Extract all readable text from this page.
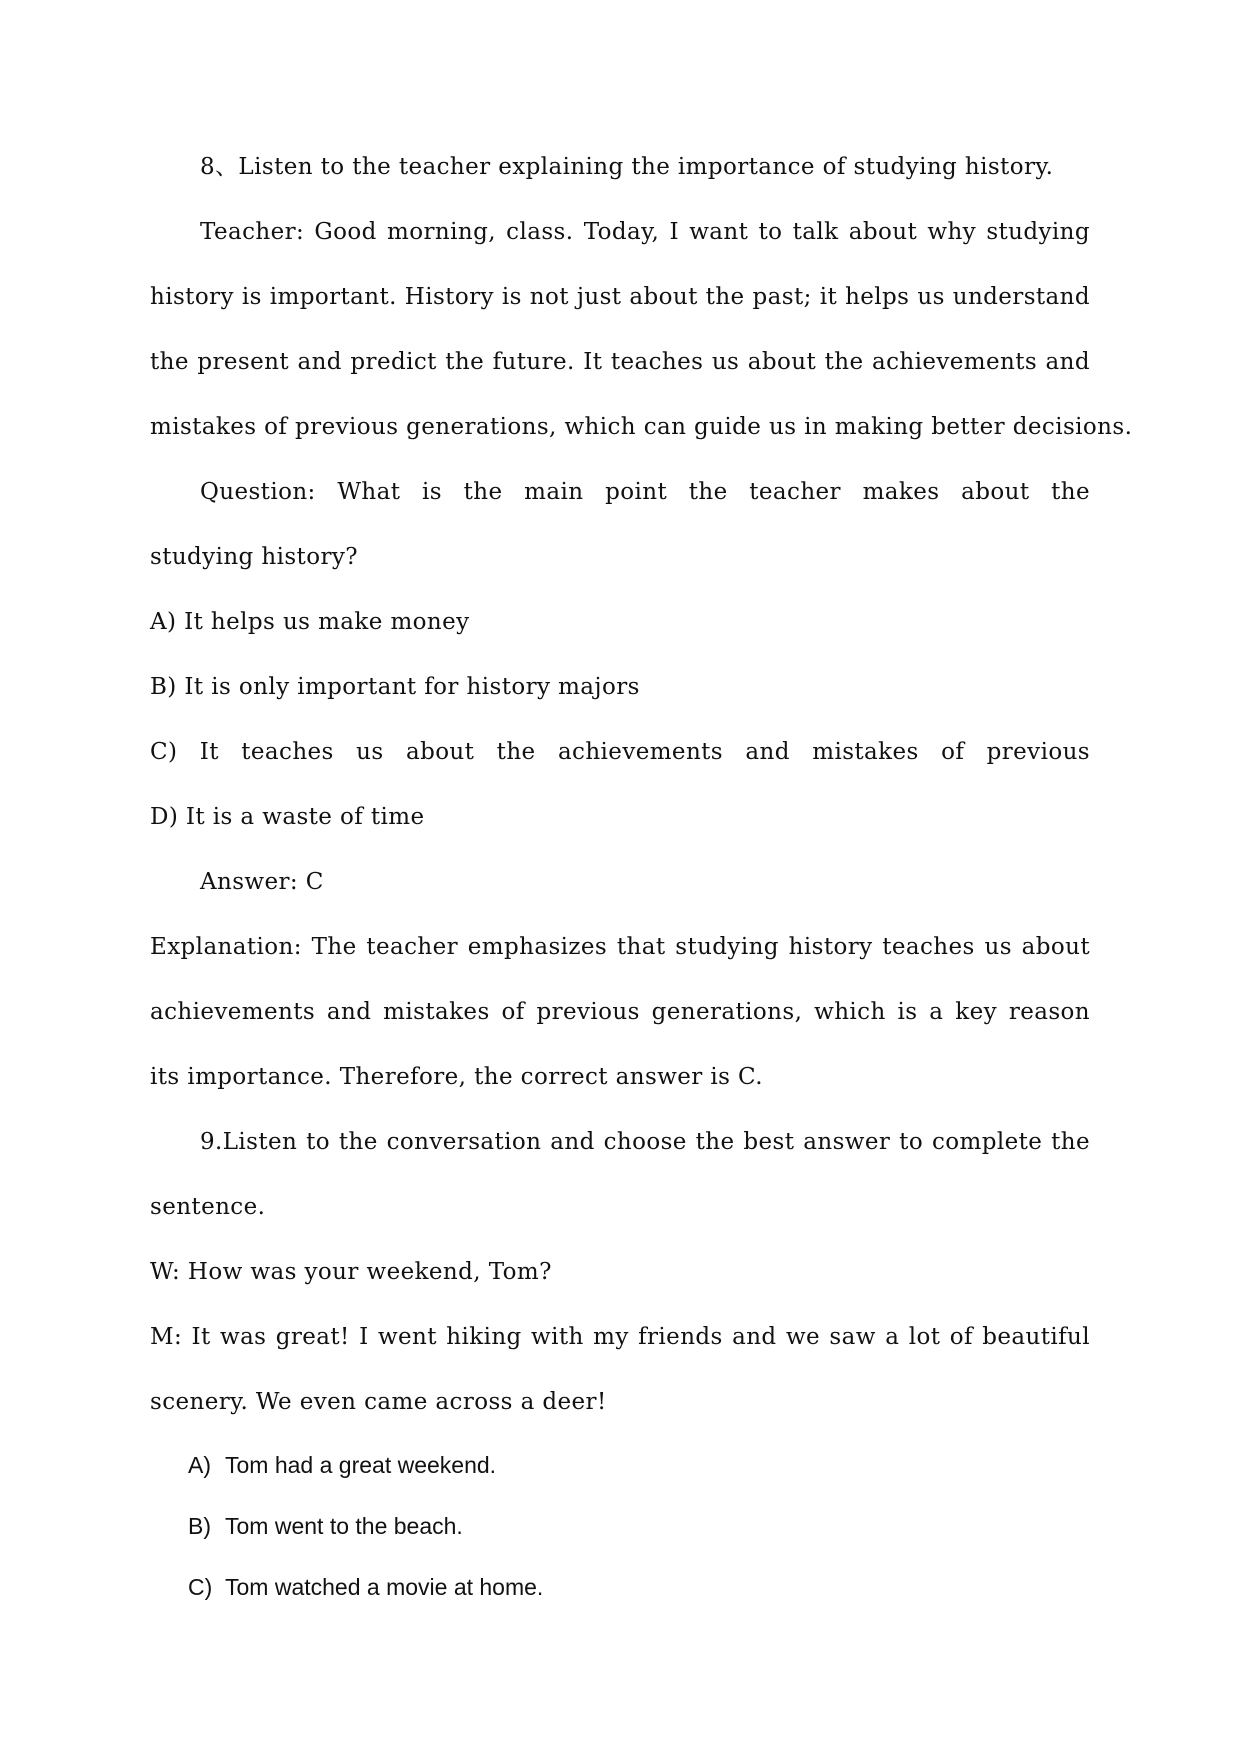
8、Listen to the teacher explaining the importance of studying history.
Teacher: Good morning, class. Today, I want to talk about why studying
history is important. History is not just about the past; it helps us understand
the present and predict the future. It teaches us about the achievements and
mistakes of previous generations, which can guide us in making better decisions.
Question: What is the main point the teacher makes about the
studying history?
A) It helps us make money
B) It is only important for history majors
C) It teaches us about the achievements and mistakes of previous
D) It is a waste of time
Answer: C
Explanation: The teacher emphasizes that studying history teaches us about
achievements and mistakes of previous generations, which is a key reason
its importance. Therefore, the correct answer is C.
9.Listen to the conversation and choose the best answer to complete the
sentence.
W: How was your weekend, Tom?
M: It was great! I went hiking with my friends and we saw a lot of beautiful
scenery. We even came across a deer!
A) Tom had a great weekend.
B) Tom went to the beach.
C) Tom watched a movie at home.
